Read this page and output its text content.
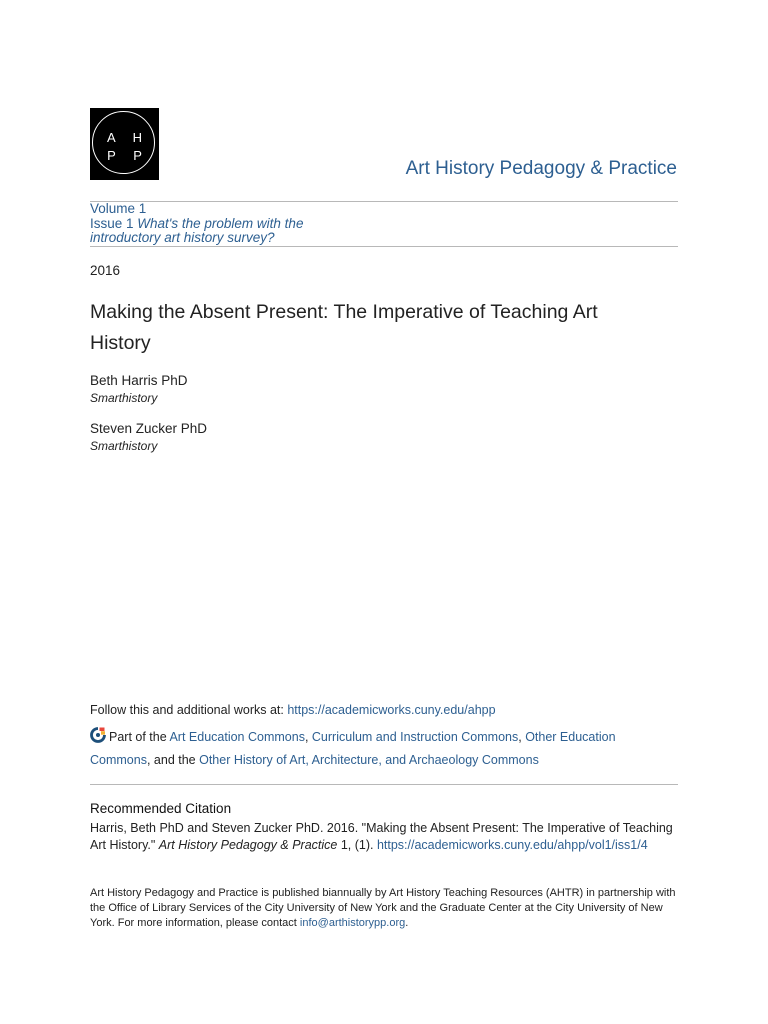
A H
P P
Art History Pedagogy & Practice
Volume 1
Issue 1 What's the problem with the
introductory art history survey?
2016
Making the Absent Present: The Imperative of Teaching Art History
Beth Harris PhD
Smarthistory
Steven Zucker PhD
Smarthistory
Follow this and additional works at: https://academicworks.cuny.edu/ahpp
Part of the Art Education Commons, Curriculum and Instruction Commons, Other Education Commons, and the Other History of Art, Architecture, and Archaeology Commons
Recommended Citation
Harris, Beth PhD and Steven Zucker PhD. 2016. "Making the Absent Present: The Imperative of Teaching Art History." Art History Pedagogy & Practice 1, (1). https://academicworks.cuny.edu/ahpp/vol1/iss1/4
Art History Pedagogy and Practice is published biannually by Art History Teaching Resources (AHTR) in partnership with the Office of Library Services of the City University of New York and the Graduate Center at the City University of New York. For more information, please contact info@arthistorypp.org.
